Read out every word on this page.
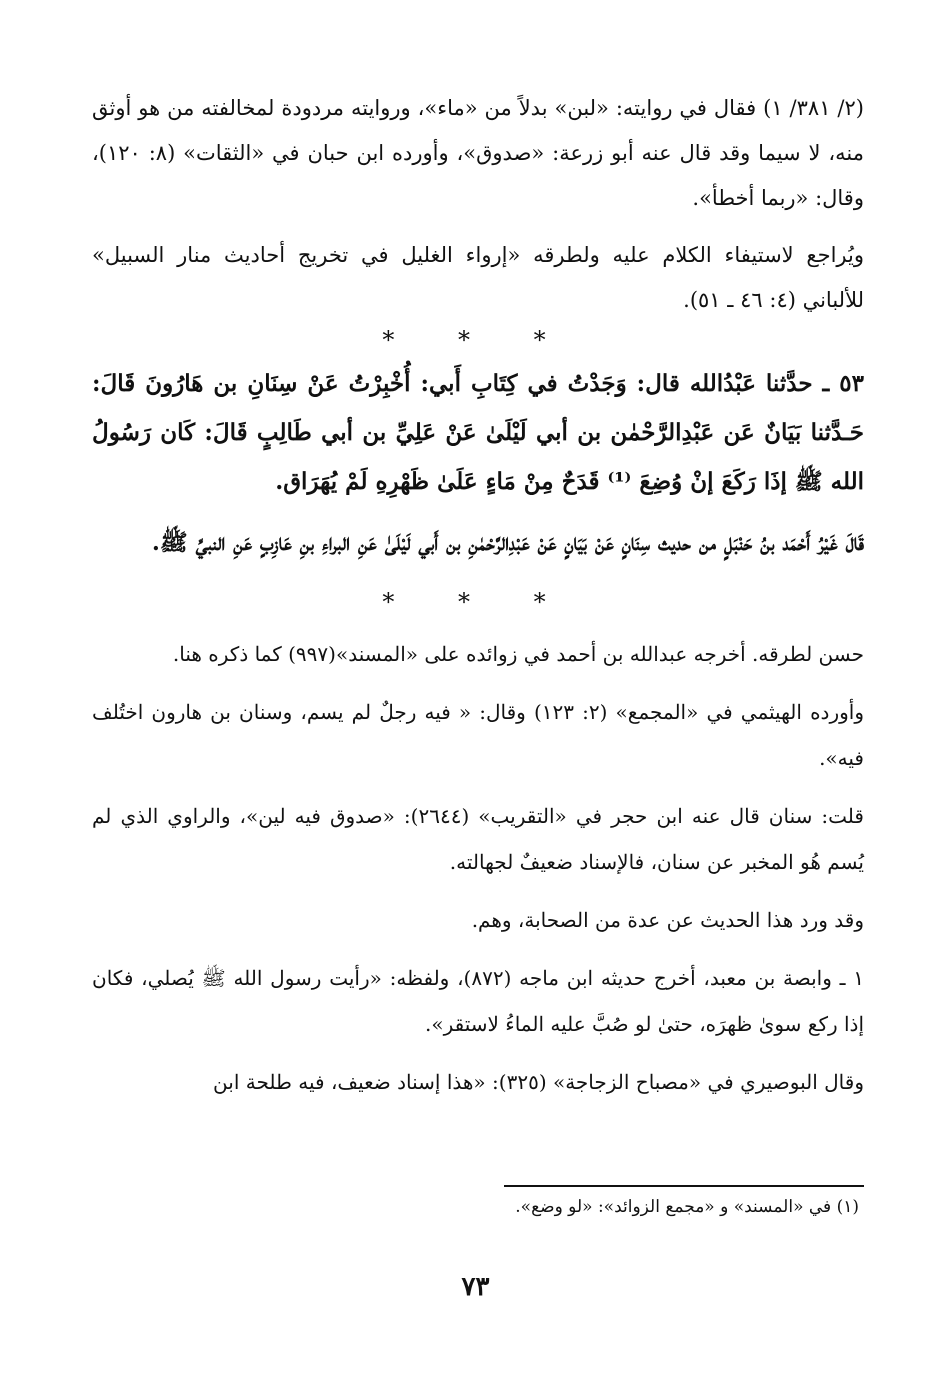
(٢/ ٣٨١/ ١) فقال في روايته: «لبن» بدلاً من «ماء»، وروايته مردودة لمخالفته من هو أوثق منه، لا سيما وقد قال عنه أبو زرعة: «صدوق»، وأورده ابن حبان في «الثقات» (٨: ١٢٠)، وقال: «ربما أخطأ».

ويُراجع لاستيفاء الكلام عليه ولطرقه «إرواء الغليل في تخريج أحاديث منار السبيل» للألباني (٤: ٤٦ ـ ٥١).

* * *

٥٣ ـ حدَّثنا عَبْدُالله قال: وَجَدْتُ في كِتَابِ أَبي: أُخْبِرْتُ عَنْ سِنَانِ بن هَارُونَ قَالَ: حَـدَّثنا بَيَانٌ عَن عَبْدِالرَّحْمٰن بن أبي لَيْلَىٰ عَنْ عَلِيِّ بن أبي طَالِبٍ قَالَ: كَان رَسُولُ الله ﷺ إذَا رَكَعَ إنْ وُضِعَ ⁽¹⁾ قَدَحٌ مِنْ مَاءٍ عَلَىٰ ظَهْرِهِ لَمْ يُهَرَاق.

قَالَ غَيْرُ أَحْمَد بنُ حَنْبَلٍ من حديث سِنَانٍ عَنْ بَيَانٍ عَنْ عَبْدِالرَّحْمٰنِ بن أَبي لَيْلَىٰ عَنِ البراءِ بنِ عَازِبٍ عَنِ النبيِّ ﷺ.

* * *

حسن لطرقه. أخرجه عبدالله بن أحمد في زوائده على «المسند»(٩٩٧) كما ذكره هنا.

وأورده الهيثمي في «المجمع» (٢: ١٢٣) وقال: « فيه رجلٌ لم يسم، وسنان بن هارون اختُلف فيه».

قلت: سنان قال عنه ابن حجر في «التقريب» (٢٦٤٤): «صدوق فيه لين»، والراوي الذي لم يُسم هُو المخبر عن سنان، فالإسناد ضعيفٌ لجهالته.

وقد ورد هذا الحديث عن عدة من الصحابة، وهم.

١ ـ وابصة بن معبد، أخرج حديثه ابن ماجه (٨٧٢)، ولفظه: «رأيت رسول الله ﷺ يُصلي، فكان إذا ركع سوىٰ ظهرَه، حتىٰ لو صُبَّ عليه الماءُ لاستقر».

وقال البوصيري في «مصباح الزجاجة» (٣٢٥): «هذا إسناد ضعيف، فيه طلحة ابن

(١) في «المسند» و «مجمع الزوائد»: «لو وضع».
٧٣
